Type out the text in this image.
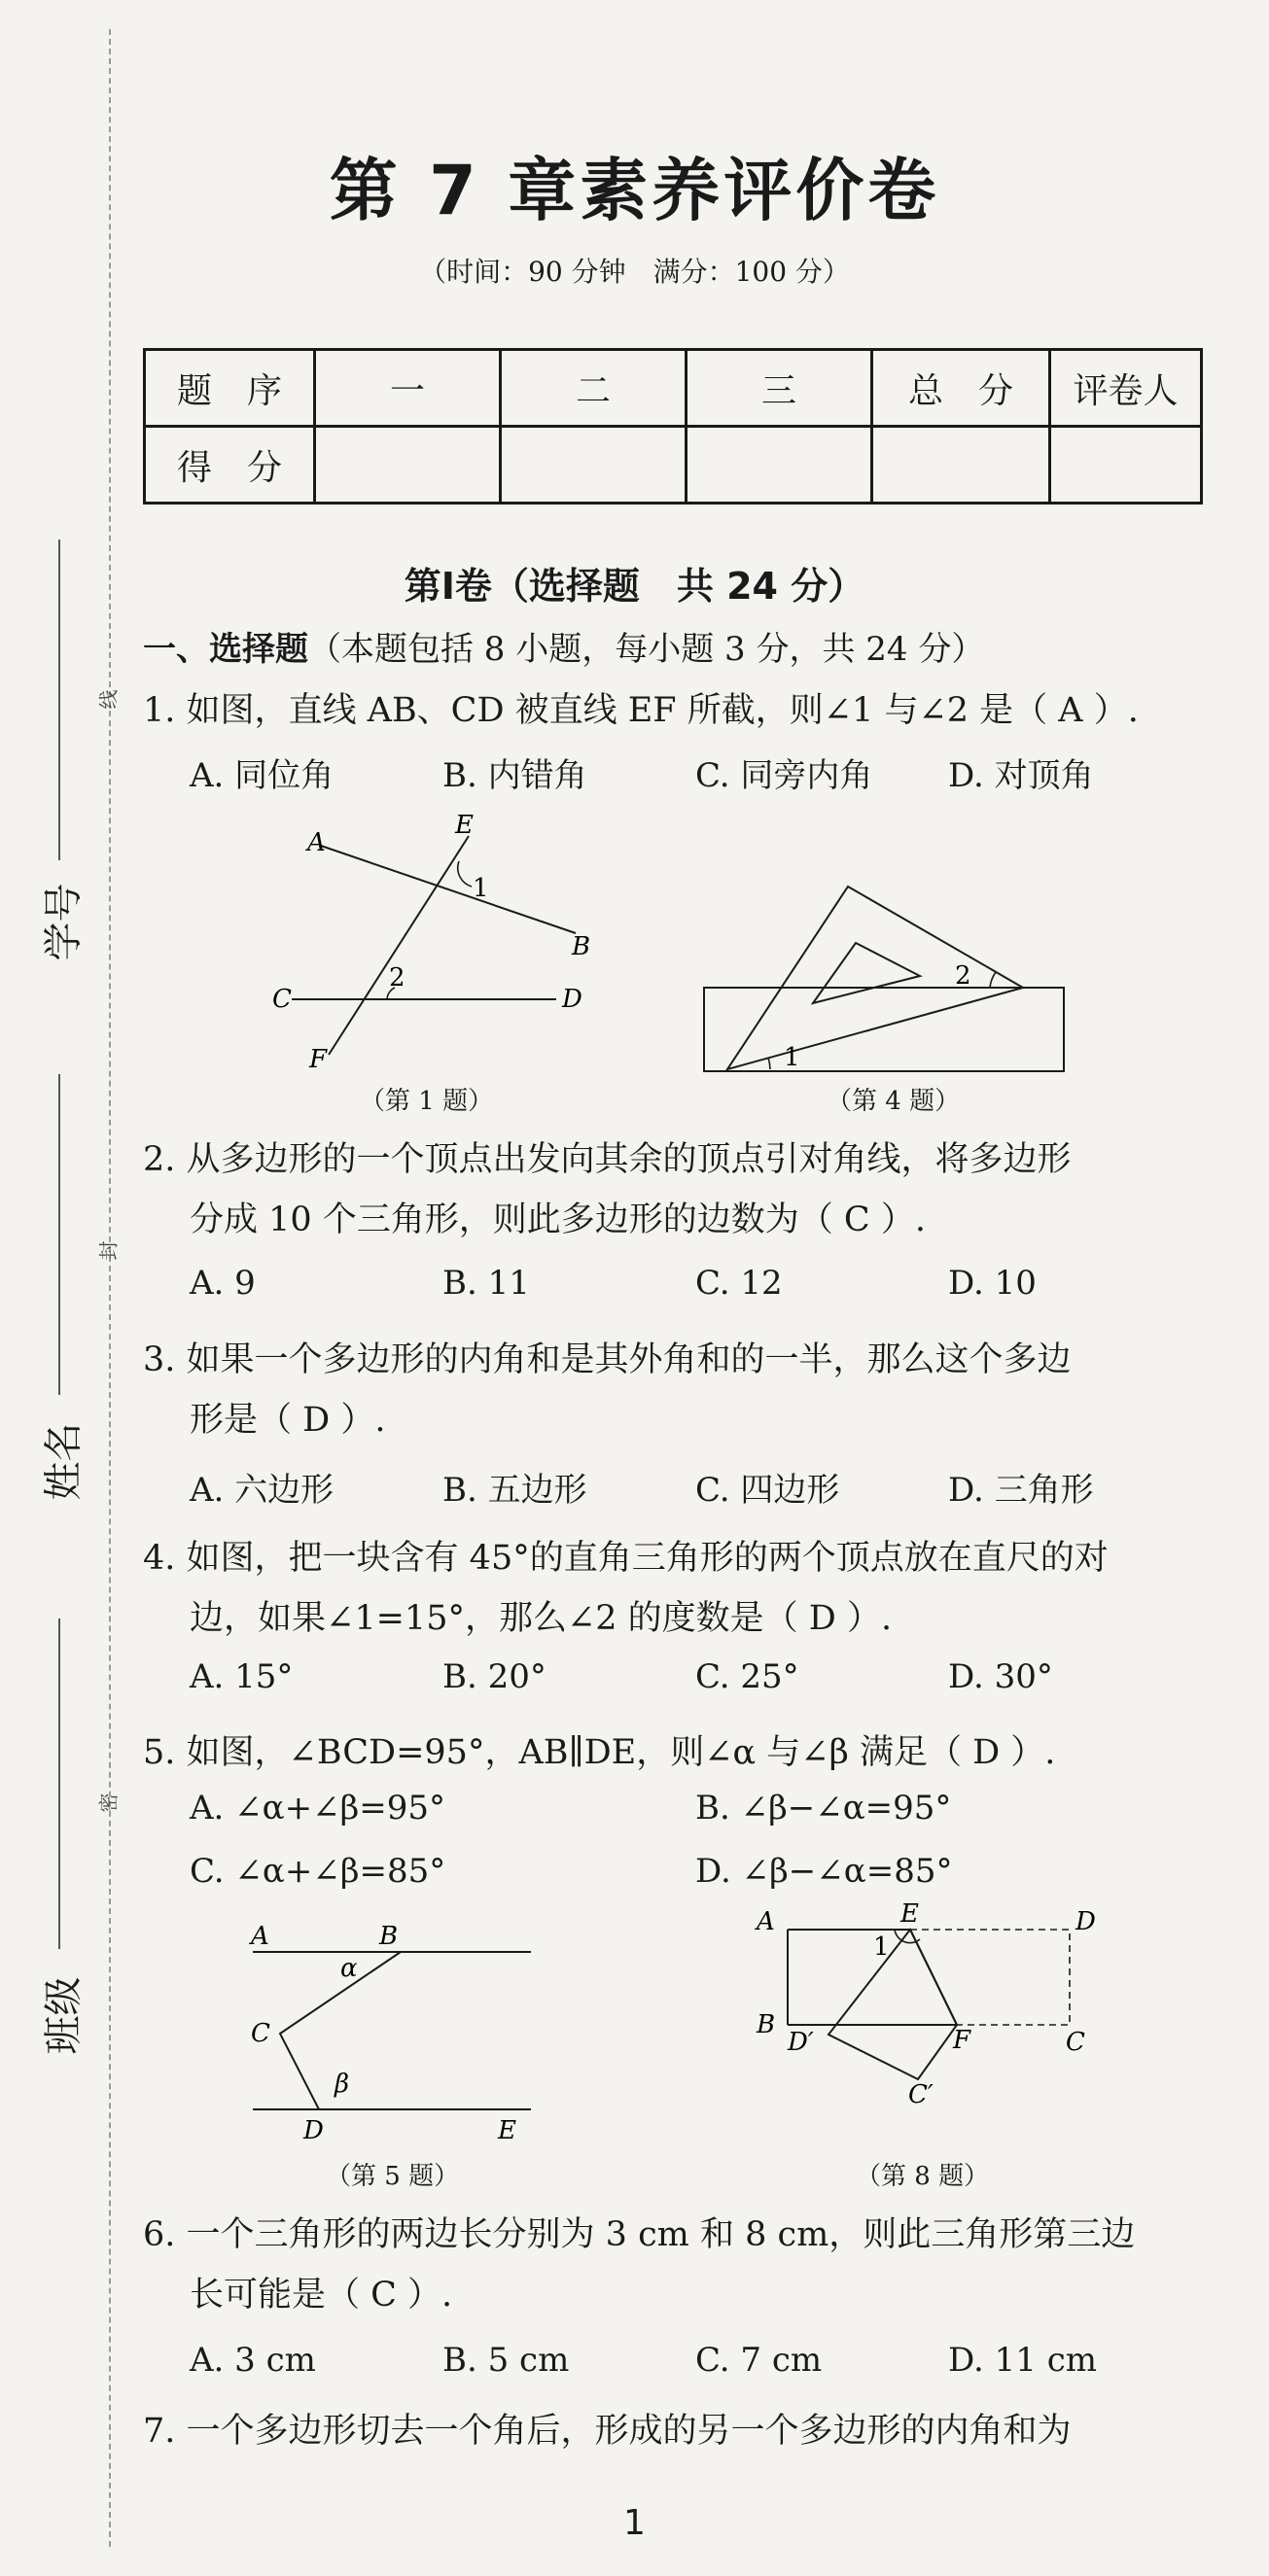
学号
线
封
姓名
班级
密
第 7 章素养评价卷
（时间：90 分钟　满分：100 分）
题　序	一	二	三	总　分	评卷人
得　分					
第Ⅰ卷（选择题　共 24 分）
一、选择题（本题包括 8 小题，每小题 3 分，共 24 分）
1. 如图，直线 AB、CD 被直线 EF 所截，则∠1 与∠2 是（ A ）.
A. 同位角	B. 内错角	C. 同旁内角 D. 对顶角
A
E
1
B
C
2
D
F
（第 1 题）
2
1
（第 4 题）
2. 从多边形的一个顶点出发向其余的顶点引对角线，将多边形
分成 10 个三角形，则此多边形的边数为（ C ）.
A. 9	B. 11	C. 12	D. 10
3. 如果一个多边形的内角和是其外角和的一半，那么这个多边
形是（ D ）.
A. 六边形	B. 五边形	C. 四边形	D. 三角形
4. 如图，把一块含有 45°的直角三角形的两个顶点放在直尺的对
边，如果∠1=15°，那么∠2 的度数是（ D ）.
A. 15°	B. 20°	C. 25°	D. 30°
5. 如图，∠BCD=95°，AB∥DE，则∠α 与∠β 满足（ D ）.
A. ∠α+∠β=95°	B. ∠β−∠α=95°
C. ∠α+∠β=85°	D. ∠β−∠α=85°
A	B
α
C
β
D	E
（第 5 题）
A	E	D
1
B
D′	F	C
C′
（第 8 题）
6. 一个三角形的两边长分别为 3 cm 和 8 cm，则此三角形第三边
长可能是（ C ）.
A. 3 cm	B. 5 cm	C. 7 cm	D. 11 cm
7. 一个多边形切去一个角后，形成的另一个多边形的内角和为
1
